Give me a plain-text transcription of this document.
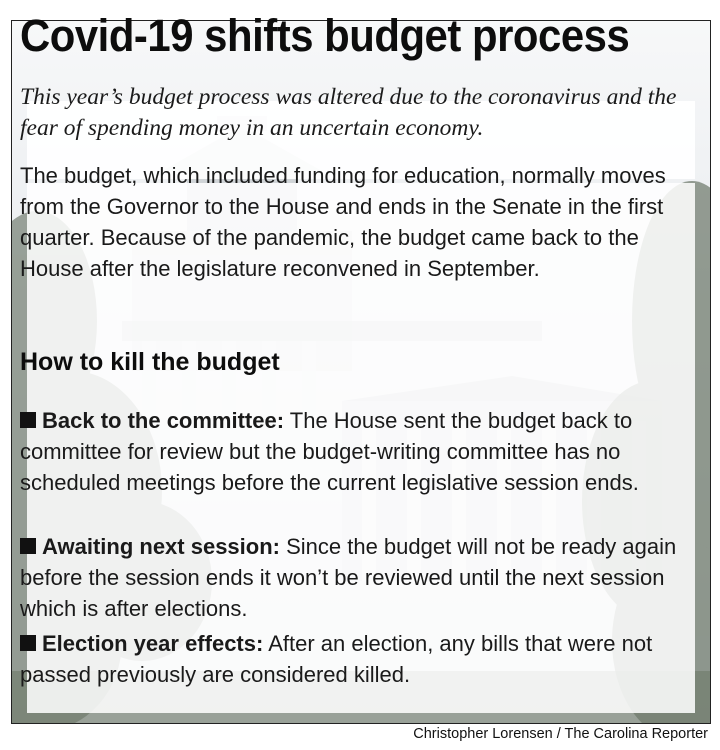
Covid-19 shifts budget process
This year’s budget process was altered due to the coronavirus and the fear of spending money in an uncertain economy.
The budget, which included funding for education, normally moves from the Governor to the House and ends in the Senate in the first quarter. Because of the pandemic, the budget came back to the House after the legislature reconvened in September.
How to kill the budget
Back to the committee: The House sent the budget back to committee for review but the budget-writing committee has no scheduled meetings before the current legislative session ends.
Awaiting next session: Since the budget will not be ready again before the session ends it won’t be reviewed until the next session which is after elections.
Election year effects: After an election, any bills that were not passed previously are considered killed.
Christopher Lorensen / The Carolina Reporter
